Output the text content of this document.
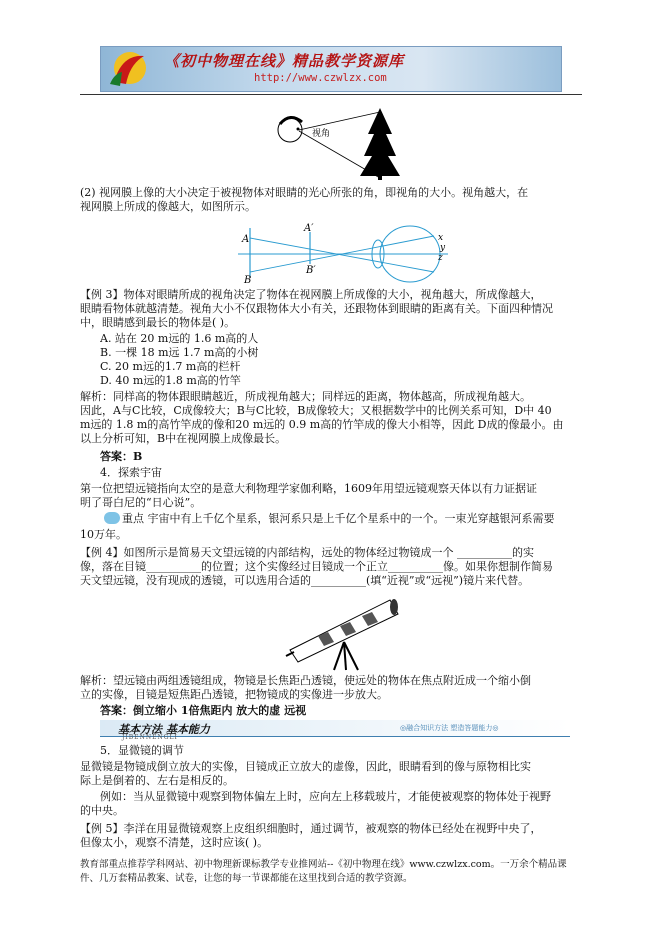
《初中物理在线》精品教学资源库
http://www.czwlzx.com
视角
(2) 视网膜上像的大小决定于被视物体对眼睛的光心所张的角，即视角的大小。视角越大，在
视网膜上所成的像越大，如图所示。
A
A′
B
B′
x
y
z
【例 3】物体对眼睛所成的视角决定了物体在视网膜上所成像的大小，视角越大，所成像越大，
眼睛看物体就越清楚。视角大小不仅跟物体大小有关，还跟物体到眼睛的距离有关。下面四种情况
中，眼睛感到最长的物体是( )。
A. 站在 20 m远的 1.6 m高的人
B. 一棵 18 m远 1.7 m高的小树
C. 20 m远的1.7 m高的栏杆
D. 40 m远的1.8 m高的竹竿
解析：同样高的物体跟眼睛越近，所成视角越大；同样远的距离，物体越高，所成视角越大。
因此，A与C比较，C成像较大；B与C比较，B成像较大；又根据数学中的比例关系可知，D中 40
m远的 1.8 m的高竹竿成的像和20 m远的 0.9 m高的竹竿成的像大小相等，因此 D成的像最小。由
以上分析可知，B中在视网膜上成像最长。
答案：B
4．探索宇宙
第一位把望远镜指向太空的是意大利物理学家伽利略，1609年用望远镜观察天体以有力证据证
明了哥白尼的“日心说”。
重点 宇宙中有上千亿个星系，银河系只是上千亿个星系中的一个。一束光穿越银河系需要
10万年。
【例 4】如图所示是简易天文望远镜的内部结构，远处的物体经过物镜成一个 __________的实
像，落在目镜__________的位置；这个实像经过目镜成一个正立__________像。如果你想制作简易
天文望远镜，没有现成的透镜，可以选用合适的__________(填“近视”或“远视”)镜片来代替。
解析：望远镜由两组透镜组成，物镜是长焦距凸透镜，使远处的物体在焦点附近成一个缩小倒
立的实像，目镜是短焦距凸透镜，把物镜成的实像进一步放大。
答案：倒立缩小 1倍焦距内 放大的虚 远视
基本方法 基本能力
JIBENNENGLI
◎融合知识方法 塑造答题能力◎
5．显微镜的调节
显微镜是物镜成倒立放大的实像，目镜成正立放大的虚像，因此，眼睛看到的像与原物相比实
际上是倒着的、左右是相反的。
例如：当从显微镜中观察到物体偏左上时，应向左上移载玻片，才能使被观察的物体处于视野
的中央。
【例 5】李洋在用显微镜观察上皮组织细胞时，通过调节，被观察的物体已经处在视野中央了，
但像太小，观察不清楚，这时应该( )。
教育部重点推荐学科网站、初中物理新课标教学专业推网站--《初中物理在线》www.czwlzx.com。一万余个精品课
件、几万套精品教案、试卷，让您的每一节课都能在这里找到合适的教学资源。
